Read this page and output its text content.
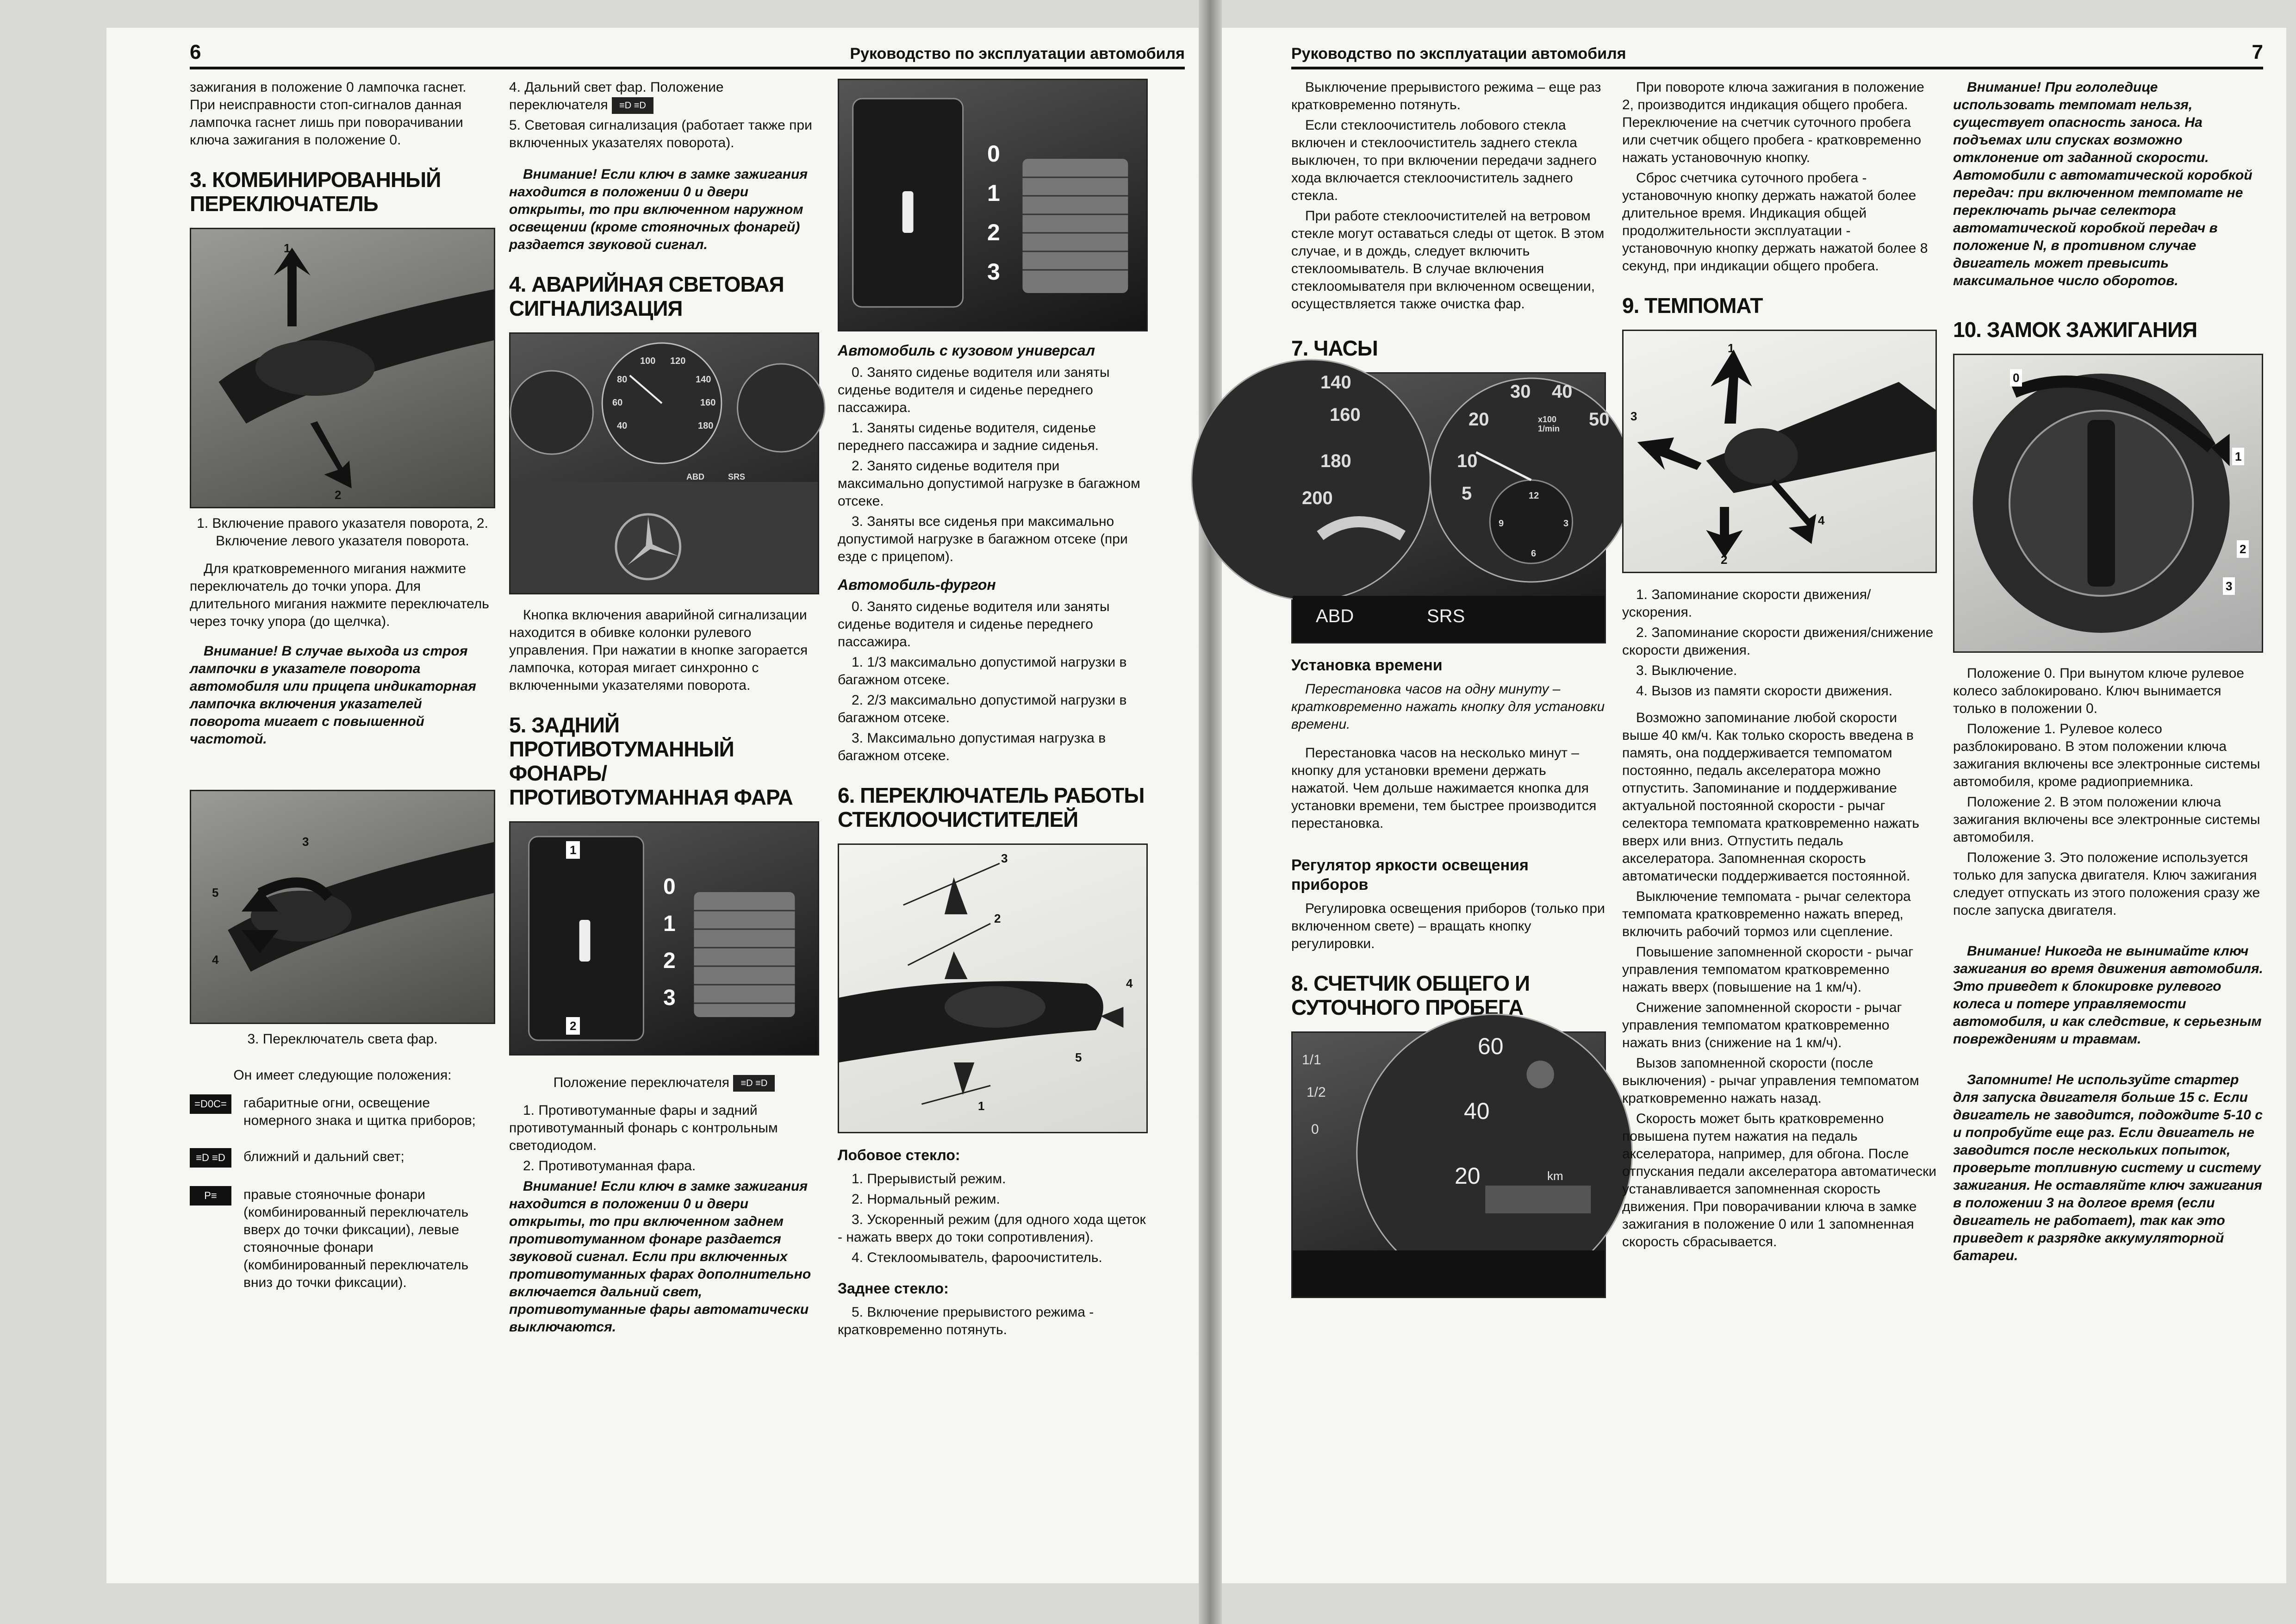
6	Руководство по эксплуатации автомобиля

зажигания в положение 0 лампочка гаснет. При неисправности стоп-сигналов данная лампочка гаснет лишь при поворачивании ключа зажигания в положение 0.

3. КОМБИНИРОВАННЫЙ ПЕРЕКЛЮЧАТЕЛЬ
1
2

1. Включение правого указателя поворота, 2. Включение левого указателя поворота.

Для кратковременного мигания нажмите переключатель до точки упора. Для длительного мигания нажмите переключатель через точку упора (до щелчка).

Внимание! В случае выхода из строя лампочки в указателе поворота автомобиля или прицепа индикаторная лампочка включения указателей поворота мигает с повышенной частотой.

3
5
4

3. Переключатель света фар.

Он имеет следующие положения:

=D0C=	габаритные огни, освещение номерного знака и щитка приборов;
≡D ≡D	ближний и дальний свет;
P≡	правые стояночные фонари (комбинированный переключатель вверх до точки фиксации), левые стояночные фонари (комбинированный переключатель вниз до точки фиксации).

4. Дальний свет фар. Положение переключателя ≡D ≡D

5. Световая сигнализация (работает также при включенных указателях поворота).

Внимание! Если ключ в замке зажигания находится в положении 0 и двери открыты, то при включенном наружном освещении (кроме стояночных фонарей) раздается звуковой сигнал.

4. АВАРИЙНАЯ СВЕТОВАЯ СИГНАЛИЗАЦИЯ
100 120
80	140
160
60
180
40
ABD	SRS

Кнопка включения аварийной сигнализации находится в обивке колонки рулевого управления. При нажатии в кнопке загорается лампочка, которая мигает синхронно с включенными указателями поворота.

5. ЗАДНИЙ ПРОТИВОТУМАННЫЙ ФОНАРЬ/ ПРОТИВОТУМАННАЯ ФАРА
0
1
2
3
1
2

Положение переключателя ≡D ≡D

1. Противотуманные фары и задний противотуманный фонарь с контрольным светодиодом.

2. Противотуманная фара.

Внимание! Если ключ в замке зажигания находится в положении 0 и двери открыты, то при включенном заднем противотуманном фонаре раздается звуковой сигнал. Если при включенных противотуманных фарах дополнительно включается дальний свет, противотуманные фары автоматически выключаются.

0
1
2
3
Автомобиль с кузовом универсал

0. Занято сиденье водителя или заняты сиденье водителя и сиденье переднего пассажира.

1. Заняты сиденье водителя, сиденье переднего пассажира и задние сиденья.

2. Занято сиденье водителя при максимально допустимой нагрузке в багажном отсеке.

3. Заняты все сиденья при максимально допустимой нагрузке в багажном отсеке (при езде с прицепом).

Автомобиль-фургон

0. Занято сиденье водителя или заняты сиденье водителя и сиденье переднего пассажира.

1. 1/3 максимально допустимой нагрузки в багажном отсеке.

2. 2/3 максимально допустимой нагрузки в багажном отсеке.

3. Максимально допустимая нагрузка в багажном отсеке.

6. ПЕРЕКЛЮЧАТЕЛЬ РАБОТЫ СТЕКЛООЧИСТИТЕЛЕЙ
3
2
4
5
1
Лобовое стекло:

1. Прерывистый режим.

2. Нормальный режим.

3. Ускоренный режим (для одного хода щеток - нажать вверх до токи сопротивления).

4. Стеклоомыватель, фароочиститель.

Заднее стекло:

5. Включение прерывистого режима - кратковременно потянуть.

Руководство по эксплуатации автомобиля	7

Выключение прерывистого режима – еще раз кратковременно потянуть.

Если стеклоочиститель лобового стекла включен и стеклоочиститель заднего стекла выключен, то при включении передачи заднего хода включается стеклоочиститель заднего стекла.

При работе стеклоочистителей на ветровом стекле могут оставаться следы от щеток. В этом случае, и в дождь, следует включить стеклоомыватель. В случае включения стеклоомывателя при включенном освещении, осуществляется также очистка фар.

7. ЧАСЫ
140
160
180
200
30 40
20	50
10
5
x100
1/min
12
9	3
6
ABD	SRS
Установка времени

Перестановка часов на одну минуту – кратковременно нажать кнопку для установки времени.

Перестановка часов на несколько минут – кнопку для установки времени держать нажатой. Чем дольше нажимается кнопка для установки времени, тем быстрее производится перестановка.

Регулятор яркости освещения приборов

Регулировка освещения приборов (только при включенном свете) – вращать кнопку регулировки.

8. СЧЕТЧИК ОБЩЕГО И СУТОЧНОГО ПРОБЕГА
60
40
20	km
1/1
1/2
0

При повороте ключа зажигания в положение 2, производится индикация общего пробега. Переключение на счетчик суточного пробега или счетчик общего пробега - кратковременно нажать установочную кнопку.

Сброс счетчика суточного пробега - установочную кнопку держать нажатой более длительное время. Индикация общей продолжительности эксплуатации - установочную кнопку держать нажатой более 8 секунд, при индикации общего пробега.

9. ТЕМПОМАТ
1
3
4
2

1. Запоминание скорости движения/ускорения.

2. Запоминание скорости движения/снижение скорости движения.

3. Выключение.

4. Вызов из памяти скорости движения.

Возможно запоминание любой скорости выше 40 км/ч. Как только скорость введена в память, она поддерживается темпоматом постоянно, педаль акселератора можно отпустить. Запоминание и поддерживание актуальной постоянной скорости - рычаг селектора темпомата кратковременно нажать вверх или вниз. Отпустить педаль акселератора. Запомненная скорость автоматически поддерживается постоянной.

Выключение темпомата - рычаг селектора темпомата кратковременно нажать вперед, включить рабочий тормоз или сцепление.

Повышение запомненной скорости - рычаг управления темпоматом кратковременно нажать вверх (повышение на 1 км/ч).

Снижение запомненной скорости - рычаг управления темпоматом кратковременно нажать вниз (снижение на 1 км/ч).

Вызов запомненной скорости (после выключения) - рычаг управления темпоматом кратковременно нажать назад.

Скорость может быть кратковременно повышена путем нажатия на педаль акселератора, например, для обгона. После отпускания педали акселератора автоматически устанавливается запомненная скорость движения. При поворачивании ключа в замке зажигания в положение 0 или 1 запомненная скорость сбрасывается.

Внимание! При гололедице использовать темпомат нельзя, существует опасность заноса. На подъемах или спусках возможно отклонение от заданной скорости. Автомобили с автоматической коробкой передач: при включенном темпомате не переключать рычаг селектора автоматической коробкой передач в положение N, в противном случае двигатель может превысить максимальное число оборотов.

10. ЗАМОК ЗАЖИГАНИЯ
0
1
2
3

Положение 0. При вынутом ключе рулевое колесо заблокировано. Ключ вынимается только в положении 0.

Положение 1. Рулевое колесо разблокировано. В этом положении ключа зажигания включены все электронные системы автомобиля, кроме радиоприемника.

Положение 2. В этом положении ключа зажигания включены все электронные системы автомобиля.

Положение 3. Это положение используется только для запуска двигателя. Ключ зажигания следует отпускать из этого положения сразу же после запуска двигателя.

Внимание! Никогда не вынимайте ключ зажигания во время движения автомобиля. Это приведет к блокировке рулевого колеса и потере управляемости автомобиля, и как следствие, к серьезным повреждениям и травмам.

Запомните! Не используйте стартер для запуска двигателя больше 15 с. Если двигатель не заводится, подождите 5-10 с и попробуйте еще раз. Если двигатель не заводится после нескольких попыток, проверьте топливную систему и систему зажигания. Не оставляйте ключ зажигания в положении 3 на долгое время (если двигатель не работает), так как это приведет к разрядке аккумуляторной батареи.
